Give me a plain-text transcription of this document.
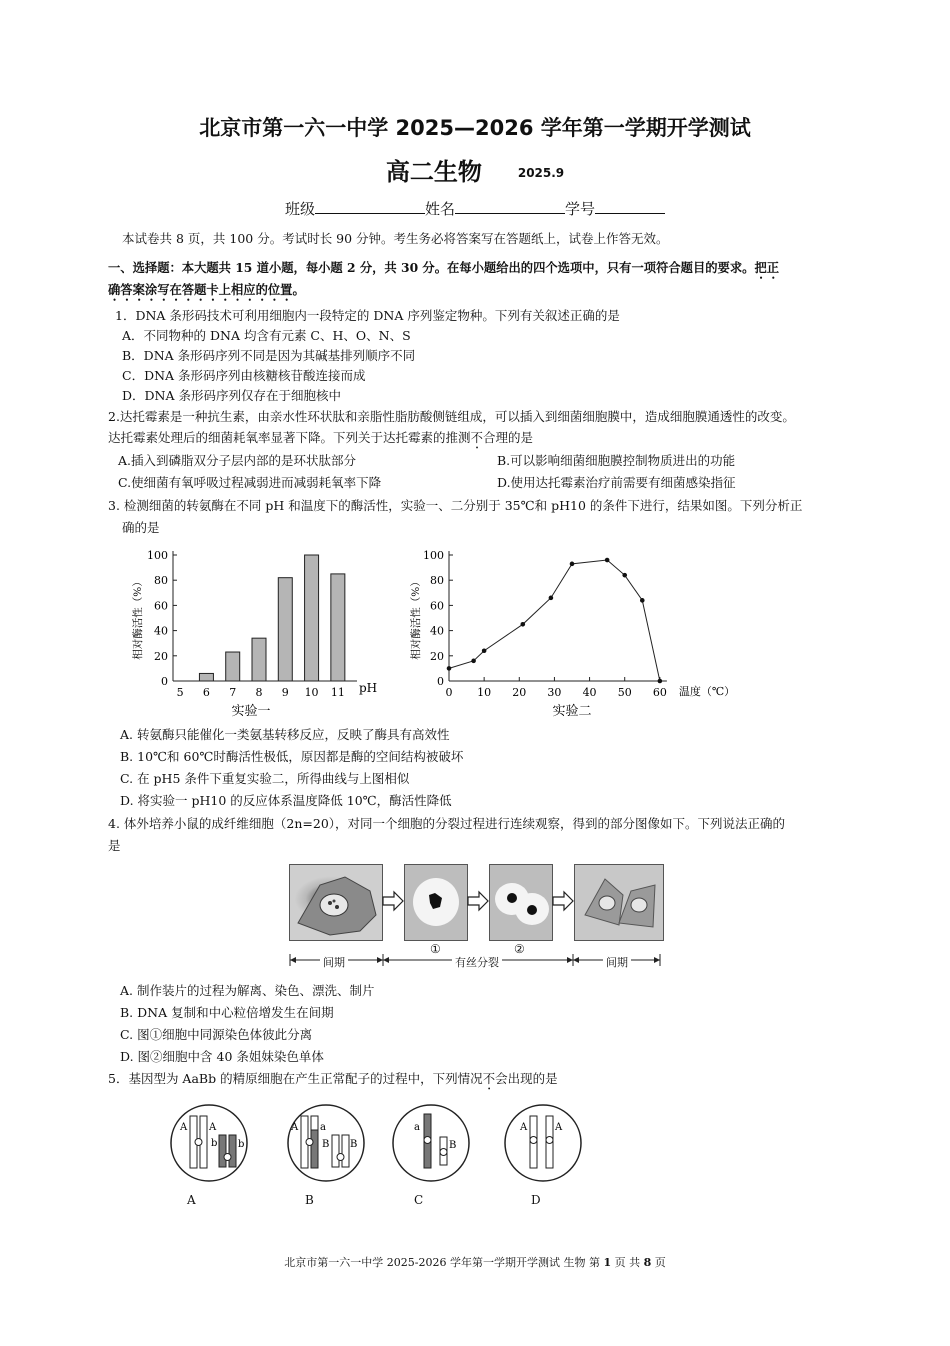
北京市第一六一中学 2025—2026 学年第一学期开学测试
高二生物	2025.9
班级	姓名	学号
本试卷共 8 页，共 100 分。考试时长 90 分钟。考生务必将答案写在答题纸上，试卷上作答无效。
一、选择题：本大题共 15 道小题，每小题 2 分，共 30 分。在每小题给出的四个选项中，只有一项符合题目的要求。把正
确答案涂写在答题卡上相应的位置。
1．DNA 条形码技术可利用细胞内一段特定的 DNA 序列鉴定物种。下列有关叙述正确的是
A．不同物种的 DNA 均含有元素 C、H、O、N、S
B．DNA 条形码序列不同是因为其碱基排列顺序不同
C．DNA 条形码序列由核糖核苷酸连接而成
D．DNA 条形码序列仅存在于细胞核中
2.达托霉素是一种抗生素，由亲水性环状肽和亲脂性脂肪酸侧链组成，可以插入到细菌细胞膜中，造成细胞膜通透性的改变。
达托霉素处理后的细菌耗氧率显著下降。下列关于达托霉素的推测不合理的是
A.插入到磷脂双分子层内部的是环状肽部分	B.可以影响细菌细胞膜控制物质进出的功能
C.使细菌有氧呼吸过程减弱进而减弱耗氧率下降	D.使用达托霉素治疗前需要有细菌感染指征
3. 检测细菌的转氨酶在不同 pH 和温度下的酶活性，实验一、二分别于 35℃和 pH10 的条件下进行，结果如图。下列分析正
确的是
0
20
40
60
80
100
5 6 7 8 9 10 11 pH
相对酶活性（%）
实验一
0
20
40
60
80
100
0 10 20 30 40 50 60 温度（℃）
相对酶活性（%）
实验二
A. 转氨酶只能催化一类氨基转移反应，反映了酶具有高效性
B. 10℃和 60℃时酶活性极低，原因都是酶的空间结构被破坏
C. 在 pH5 条件下重复实验二，所得曲线与上图相似
D. 将实验一 pH10 的反应体系温度降低 10℃，酶活性降低
4. 体外培养小鼠的成纤维细胞（2n=20），对同一个细胞的分裂过程进行连续观察，得到的部分图像如下。下列说法正确的
是
①	②
间期	有丝分裂	间期
A. 制作装片的过程为解离、染色、漂洗、制片
B. DNA 复制和中心粒倍增发生在间期
C. 图①细胞中同源染色体彼此分离
D. 图②细胞中含 40 条姐妹染色单体
5．基因型为 AaBb 的精原细胞在产生正常配子的过程中，下列情况不会出现的是
A A
b b
A
A a
B B
B
a
B
C
A	A
D
北京市第一六一中学 2025-2026 学年第一学期开学测试 生物 第 1 页 共 8 页
